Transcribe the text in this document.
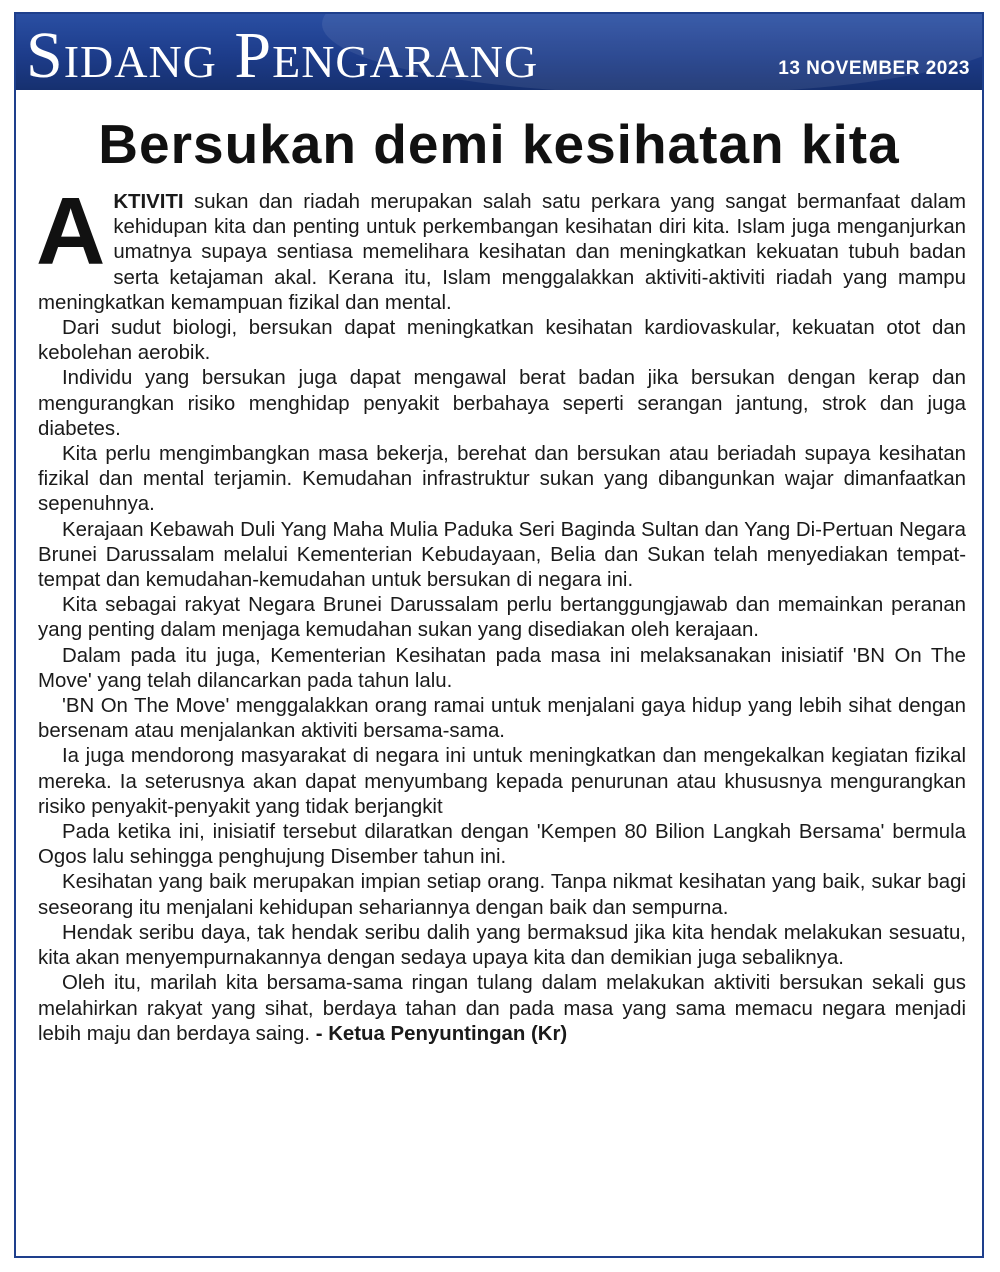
Sidang Pengarang	13 NOVEMBER 2023
Bersukan demi kesihatan kita

AKTIVITI sukan dan riadah merupakan salah satu perkara yang sangat bermanfaat dalam kehidupan kita dan penting untuk perkembangan kesihatan diri kita. Islam juga menganjurkan umatnya supaya sentiasa memelihara kesihatan dan meningkatkan kekuatan tubuh badan serta ketajaman akal. Kerana itu, Islam menggalakkan aktiviti-aktiviti riadah yang mampu meningkatkan kemampuan fizikal dan mental.

Dari sudut biologi, bersukan dapat meningkatkan kesihatan kardiovaskular, kekuatan otot dan kebolehan aerobik.

Individu yang bersukan juga dapat mengawal berat badan jika bersukan dengan kerap dan mengurangkan risiko menghidap penyakit berbahaya seperti serangan jantung, strok dan juga diabetes.

Kita perlu mengimbangkan masa bekerja, berehat dan bersukan atau beriadah supaya kesihatan fizikal dan mental terjamin. Kemudahan infrastruktur sukan yang dibangunkan wajar dimanfaatkan sepenuhnya.

Kerajaan Kebawah Duli Yang Maha Mulia Paduka Seri Baginda Sultan dan Yang Di-Pertuan Negara Brunei Darussalam melalui Kementerian Kebudayaan, Belia dan Sukan telah menyediakan tempat-tempat dan kemudahan-kemudahan untuk bersukan di negara ini.

Kita sebagai rakyat Negara Brunei Darussalam perlu bertanggungjawab dan memainkan peranan yang penting dalam menjaga kemudahan sukan yang disediakan oleh kerajaan.

Dalam pada itu juga, Kementerian Kesihatan pada masa ini melaksanakan inisiatif 'BN On The Move' yang telah dilancarkan pada tahun lalu.

'BN On The Move' menggalakkan orang ramai untuk menjalani gaya hidup yang lebih sihat dengan bersenam atau menjalankan aktiviti bersama-sama.

Ia juga mendorong masyarakat di negara ini untuk meningkatkan dan mengekalkan kegiatan fizikal mereka. Ia seterusnya akan dapat menyumbang kepada penurunan atau khususnya mengurangkan risiko penyakit-penyakit yang tidak berjangkit

Pada ketika ini, inisiatif tersebut dilaratkan dengan 'Kempen 80 Bilion Langkah Bersama' bermula Ogos lalu sehingga penghujung Disember tahun ini.

Kesihatan yang baik merupakan impian setiap orang. Tanpa nikmat kesihatan yang baik, sukar bagi seseorang itu menjalani kehidupan sehariannya dengan baik dan sempurna.

Hendak seribu daya, tak hendak seribu dalih yang bermaksud jika kita hendak melakukan sesuatu, kita akan menyempurnakannya dengan sedaya upaya kita dan demikian juga sebaliknya.

Oleh itu, marilah kita bersama-sama ringan tulang dalam melakukan aktiviti bersukan sekali gus melahirkan rakyat yang sihat, berdaya tahan dan pada masa yang sama memacu negara menjadi lebih maju dan berdaya saing. - Ketua Penyuntingan (Kr)
